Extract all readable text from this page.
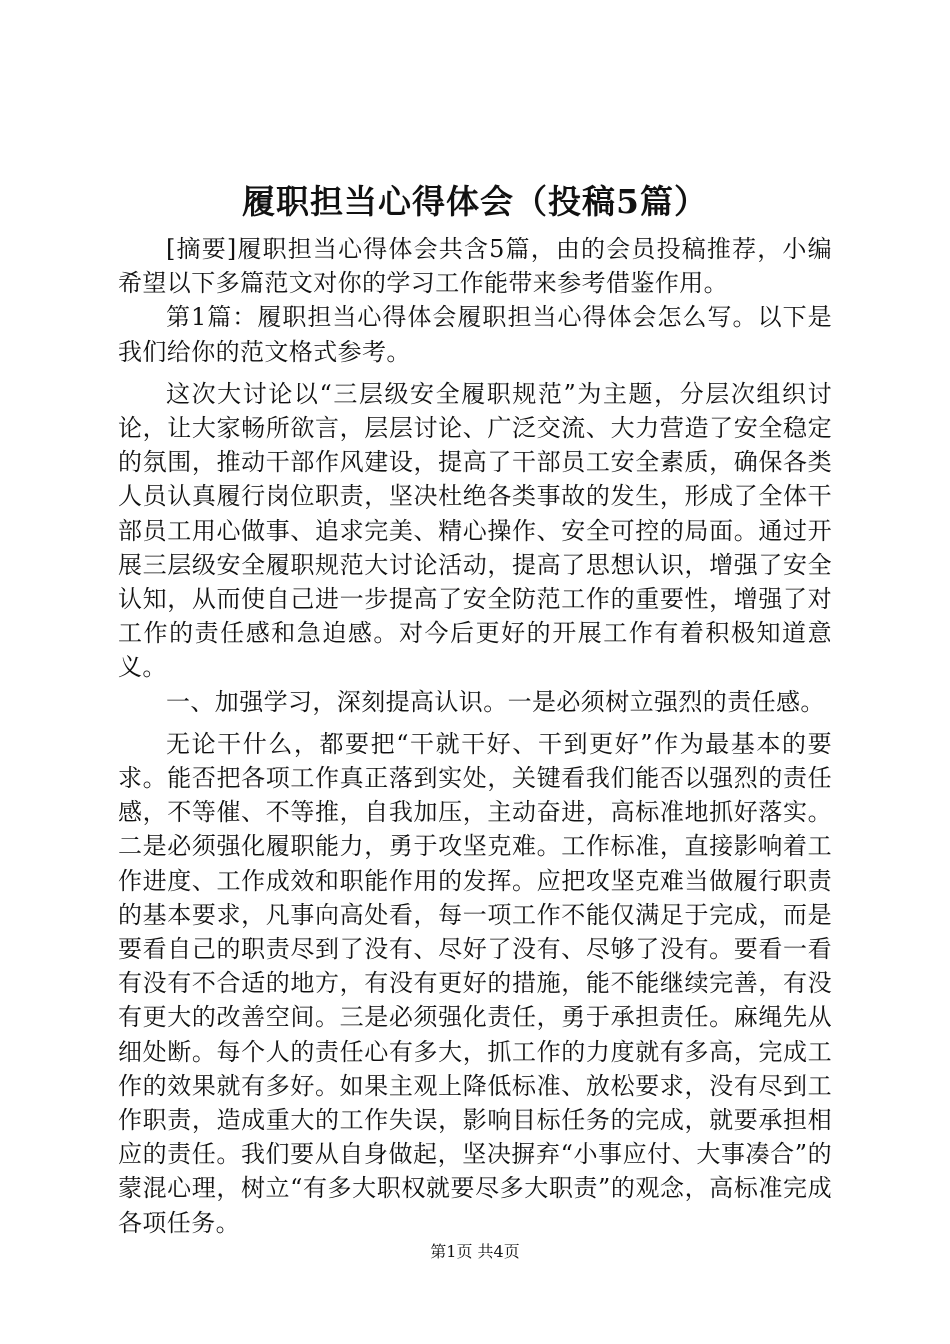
履职担当心得体会（投稿5篇）

[摘要]履职担当心得体会共含5篇，由的会员投稿推荐，小编希望以下多篇范文对你的学习工作能带来参考借鉴作用。

第1篇：履职担当心得体会履职担当心得体会怎么写。以下是我们给你的范文格式参考。

这次大讨论以“三层级安全履职规范”为主题，分层次组织讨论，让大家畅所欲言，层层讨论、广泛交流、大力营造了安全稳定的氛围，推动干部作风建设，提高了干部员工安全素质，确保各类人员认真履行岗位职责，坚决杜绝各类事故的发生，形成了全体干部员工用心做事、追求完美、精心操作、安全可控的局面。通过开展三层级安全履职规范大讨论活动，提高了思想认识，增强了安全认知，从而使自己进一步提高了安全防范工作的重要性，增强了对工作的责任感和急迫感。对今后更好的开展工作有着积极知道意义。

一、加强学习，深刻提高认识。一是必须树立强烈的责任感。

无论干什么，都要把“干就干好、干到更好”作为最基本的要求。能否把各项工作真正落到实处，关键看我们能否以强烈的责任感，不等催、不等推，自我加压，主动奋进，高标准地抓好落实。二是必须强化履职能力，勇于攻坚克难。工作标准，直接影响着工作进度、工作成效和职能作用的发挥。应把攻坚克难当做履行职责的基本要求，凡事向高处看，每一项工作不能仅满足于完成，而是要看自己的职责尽到了没有、尽好了没有、尽够了没有。要看一看有没有不合适的地方，有没有更好的措施，能不能继续完善，有没有更大的改善空间。三是必须强化责任，勇于承担责任。麻绳先从细处断。每个人的责任心有多大，抓工作的力度就有多高，完成工作的效果就有多好。如果主观上降低标准、放松要求，没有尽到工作职责，造成重大的工作失误，影响目标任务的完成，就要承担相应的责任。我们要从自身做起，坚决摒弃“小事应付、大事凑合”的蒙混心理，树立“有多大职权就要尽多大职责”的观念，高标准完成各项任务。

第1页 共4页
